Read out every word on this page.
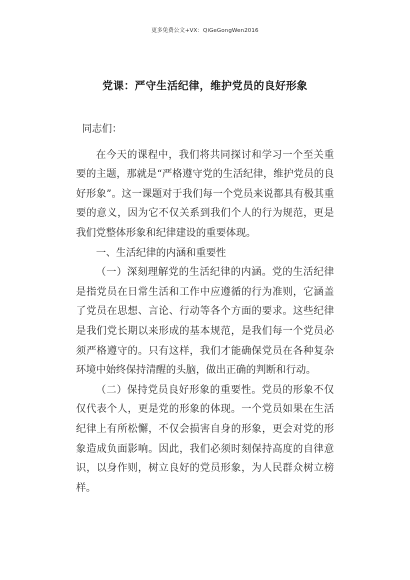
更多免费公文+VX：QiGeGongWen2016
党课：严守生活纪律，维护党员的良好形象

同志们：

在今天的课程中，我们将共同探讨和学习一个至关重要的主题，那就是“严格遵守党的生活纪律，维护党员的良好形象”。这一课题对于我们每一个党员来说都具有极其重要的意义，因为它不仅关系到我们个人的行为规范，更是我们党整体形象和纪律建设的重要体现。

一、生活纪律的内涵和重要性

（一）深刻理解党的生活纪律的内涵。党的生活纪律是指党员在日常生活和工作中应遵循的行为准则，它涵盖了党员在思想、言论、行动等各个方面的要求。这些纪律是我们党长期以来形成的基本规范，是我们每一个党员必须严格遵守的。只有这样，我们才能确保党员在各种复杂环境中始终保持清醒的头脑，做出正确的判断和行动。

（二）保持党员良好形象的重要性。党员的形象不仅仅代表个人，更是党的形象的体现。一个党员如果在生活纪律上有所松懈，不仅会损害自身的形象，更会对党的形象造成负面影响。因此，我们必须时刻保持高度的自律意识，以身作则，树立良好的党员形象，为人民群众树立榜样。
